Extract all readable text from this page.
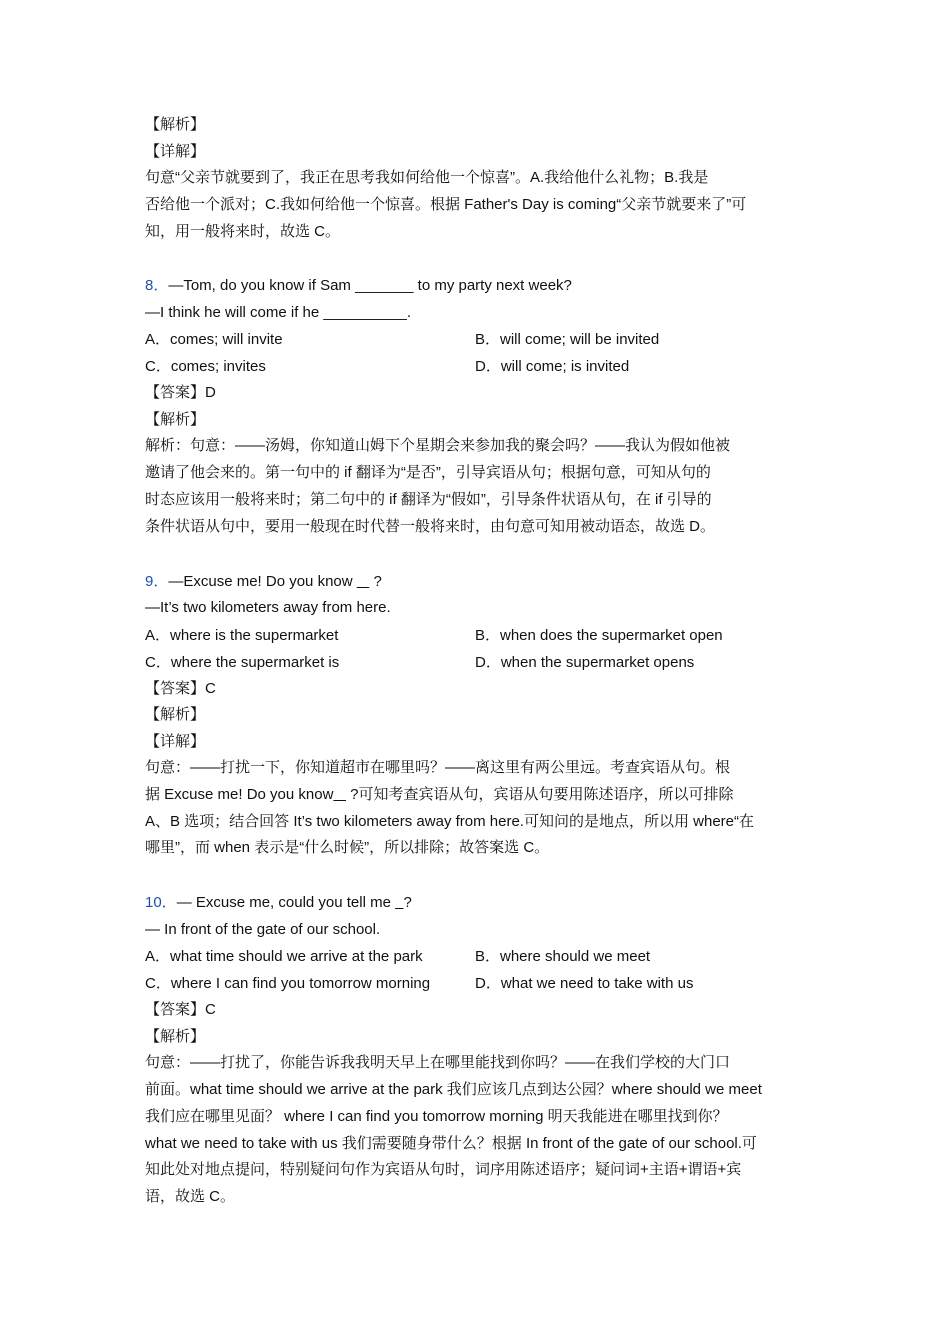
【解析】
【详解】
句意“父亲节就要到了，我正在思考我如何给他一个惊喜”。A.我给他什么礼物；B.我是
否给他一个派对；C.我如何给他一个惊喜。根据 Father's Day is coming“父亲节就要来了”可
知，用一般将来时，故选 C。
8．—Tom, do you know if Sam _______ to my party next week?
—I think he will come if he __________.
A．comes; will invite	B．will come; will be invited
C．comes; invites	D．will come; is invited
【答案】D
【解析】
解析：句意：——汤姆，你知道山姆下个星期会来参加我的聚会吗？——我认为假如他被
邀请了他会来的。第一句中的 if 翻译为“是否”，引导宾语从句；根据句意，可知从句的
时态应该用一般将来时；第二句中的 if 翻译为“假如”，引导条件状语从句，在 if 引导的
条件状语从句中，要用一般现在时代替一般将来时，由句意可知用被动语态，故选 D。
9．—Excuse me! Do you know     ?
—It’s two kilometers away from here.
A．where is the supermarket	B．when does the supermarket open
C．where the supermarket is	D．when the supermarket opens
【答案】C
【解析】
【详解】
句意：——打扰一下，你知道超市在哪里吗？——离这里有两公里远。考查宾语从句。根
据 Excuse me! Do you know    ?可知考查宾语从句，宾语从句要用陈述语序，所以可排除
A、B 选项；结合回答 It’s two kilometers away from here.可知问的是地点，所以用 where“在
哪里”，而 when 表示是“什么时候”，所以排除；故答案选 C。
10．— Excuse me, could you tell me   ?
— In front of the gate of our school.
A．what time should we arrive at the park	B．where should we meet
C．where I can find you tomorrow morning	D．what we need to take with us
【答案】C
【解析】
句意：——打扰了，你能告诉我我明天早上在哪里能找到你吗？——在我们学校的大门口
前面。what time should we arrive at the park 我们应该几点到达公园？where should we meet
我们应在哪里见面？ where I can find you tomorrow morning 明天我能进在哪里找到你？
what we need to take with us 我们需要随身带什么？根据 In front of the gate of our school.可
知此处对地点提问，特别疑问句作为宾语从句时，词序用陈述语序；疑问词+主语+谓语+宾
语，故选 C。
